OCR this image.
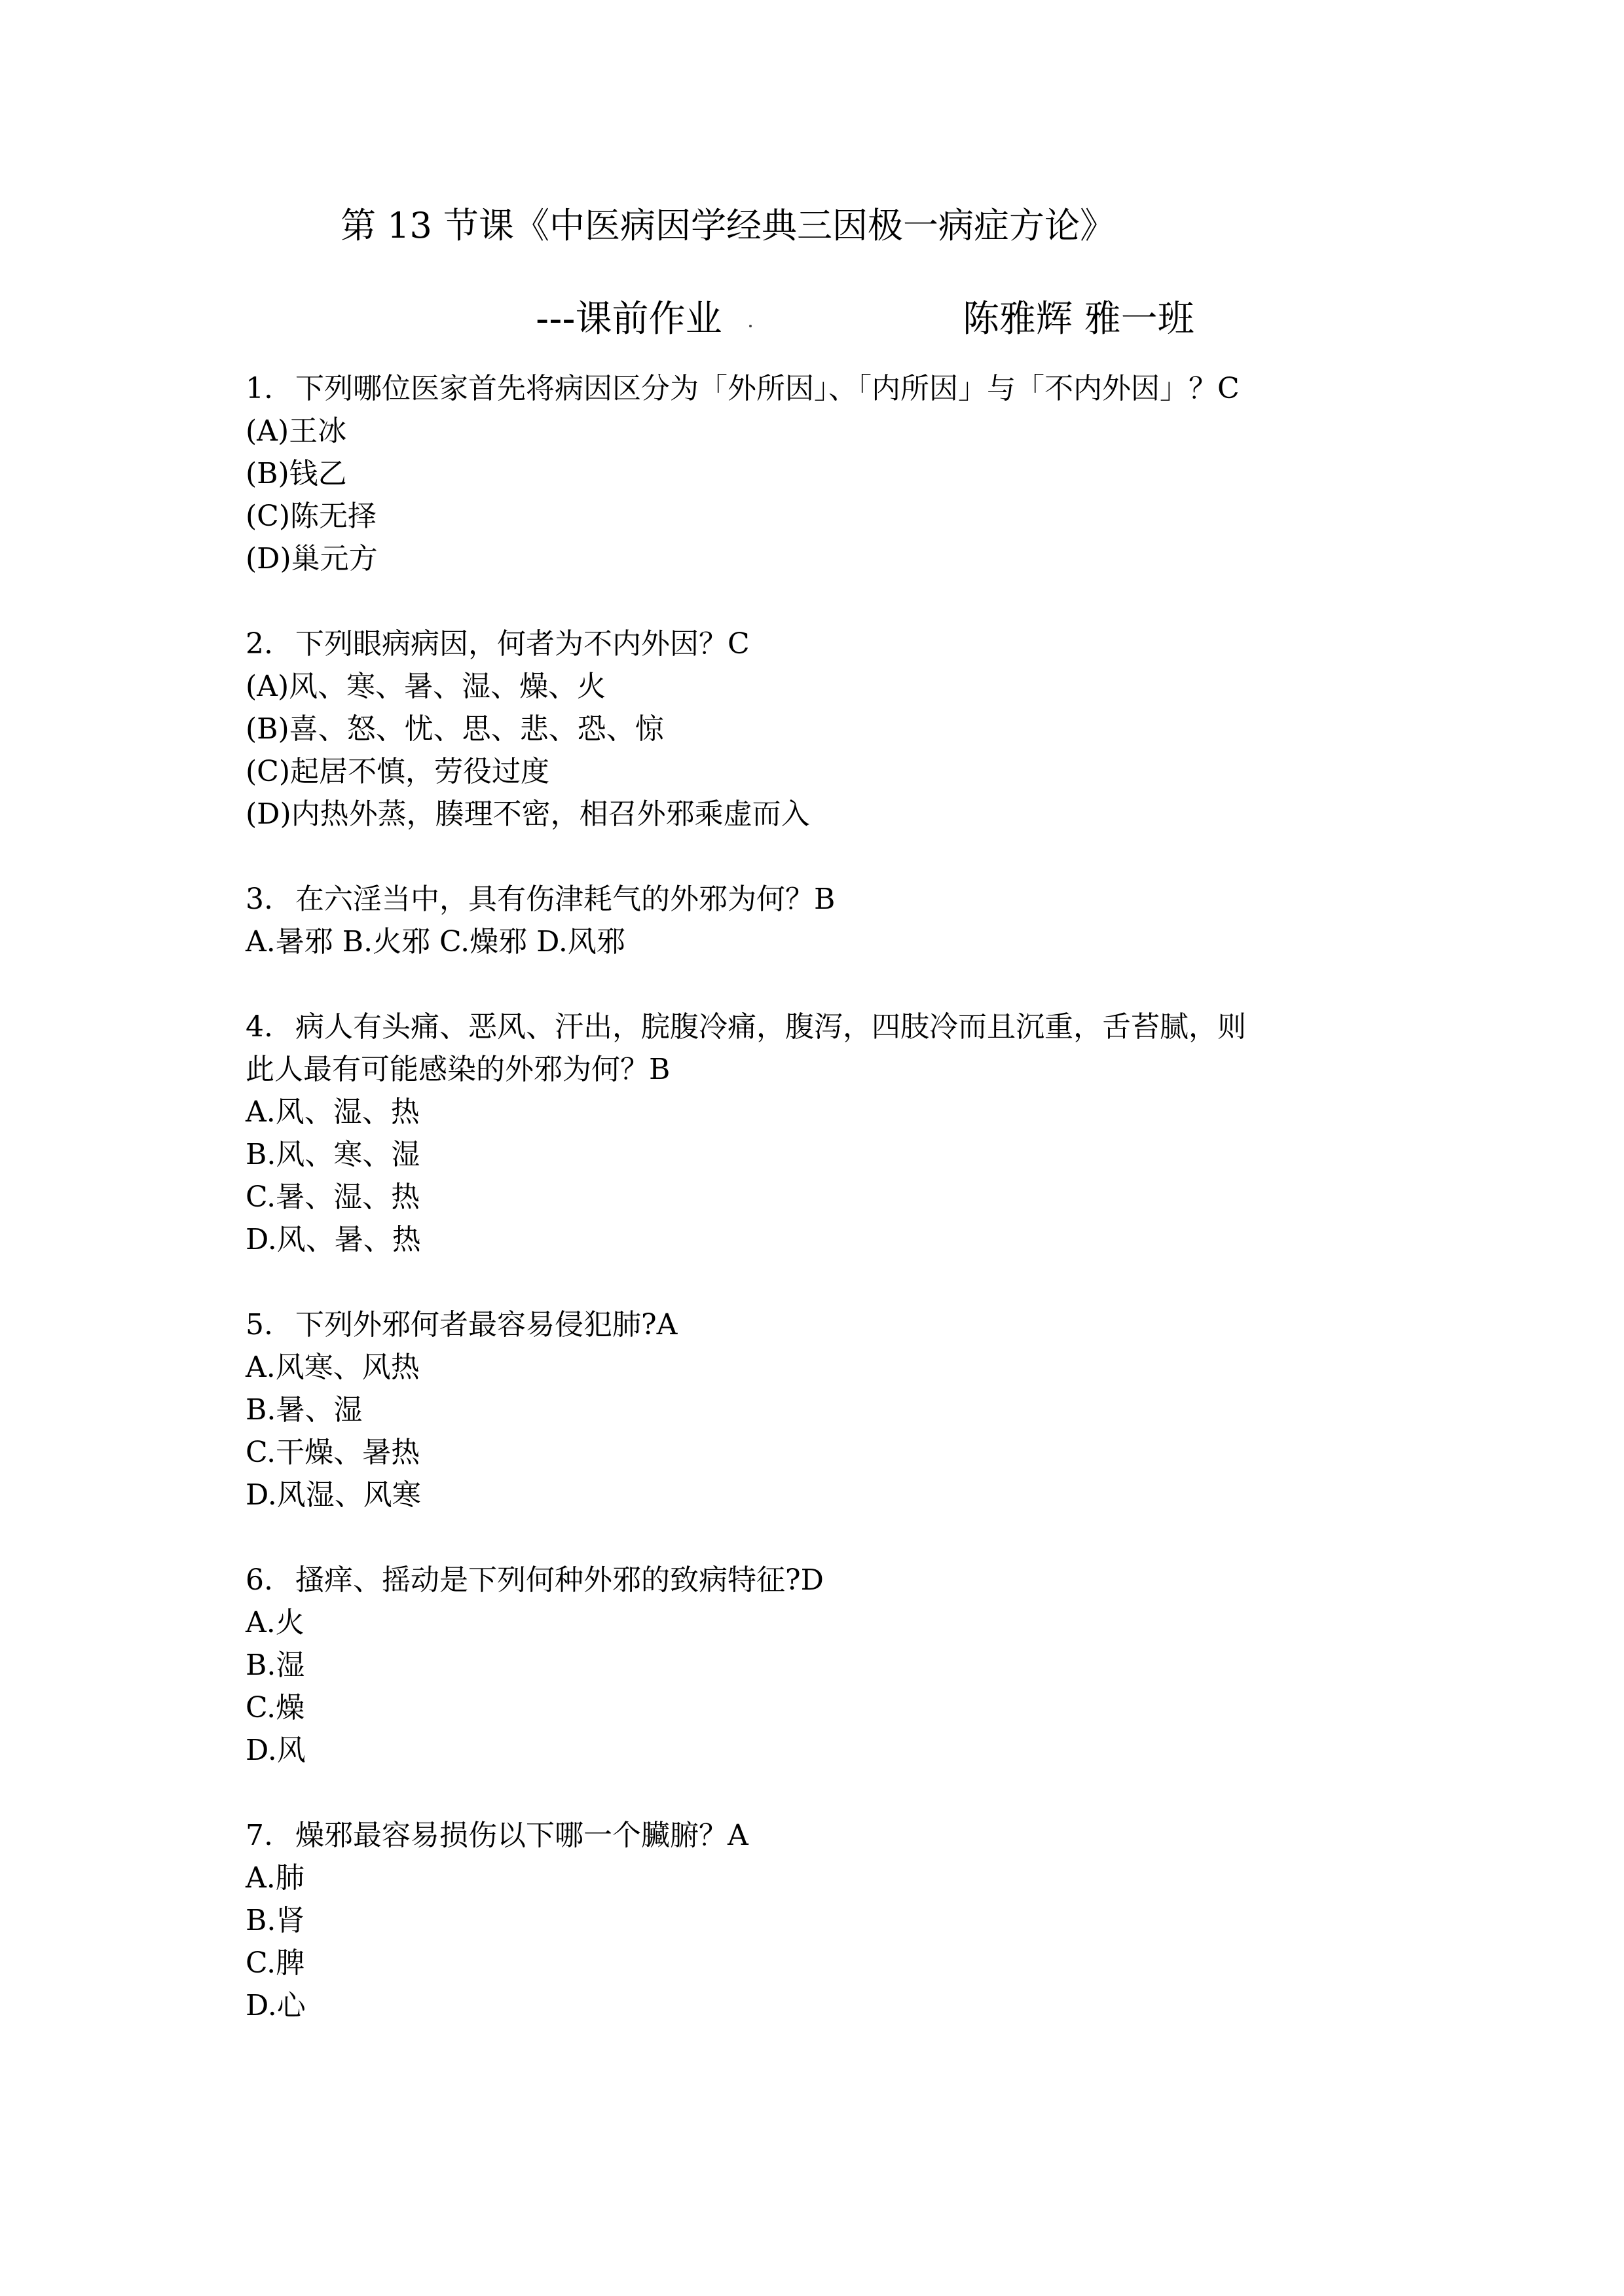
第 13 节课《中医病因学经典三因极一病症方论》
---课前作业	陈雅辉 雅一班
1. 下列哪位医家首先将病因区分为「外所因」、「内所因」与「不内外因」？C
(A)王冰
(B)钱乙
(C)陈无择
(D)巢元方
2. 下列眼病病因，何者为不内外因？C
(A)风、寒、暑、湿、燥、火
(B)喜、怒、忧、思、悲、恐、惊
(C)起居不慎，劳役过度
(D)内热外蒸，腠理不密，相召外邪乘虚而入
3. 在六淫当中，具有伤津耗气的外邪为何？B
A.暑邪 B.火邪 C.燥邪 D.风邪
4. 病人有头痛、恶风、汗出，脘腹冷痛，腹泻，四肢冷而且沉重，舌苔腻，则
此人最有可能感染的外邪为何？B
A.风、湿、热
B.风、寒、湿
C.暑、湿、热
D.风、暑、热
5. 下列外邪何者最容易侵犯肺?A
A.风寒、风热
B.暑、湿
C.干燥、暑热
D.风湿、风寒
6. 搔痒、摇动是下列何种外邪的致病特征?D
A.火
B.湿
C.燥
D.风
7. 燥邪最容易损伤以下哪一个臟腑？A
A.肺
B.肾
C.脾
D.心
